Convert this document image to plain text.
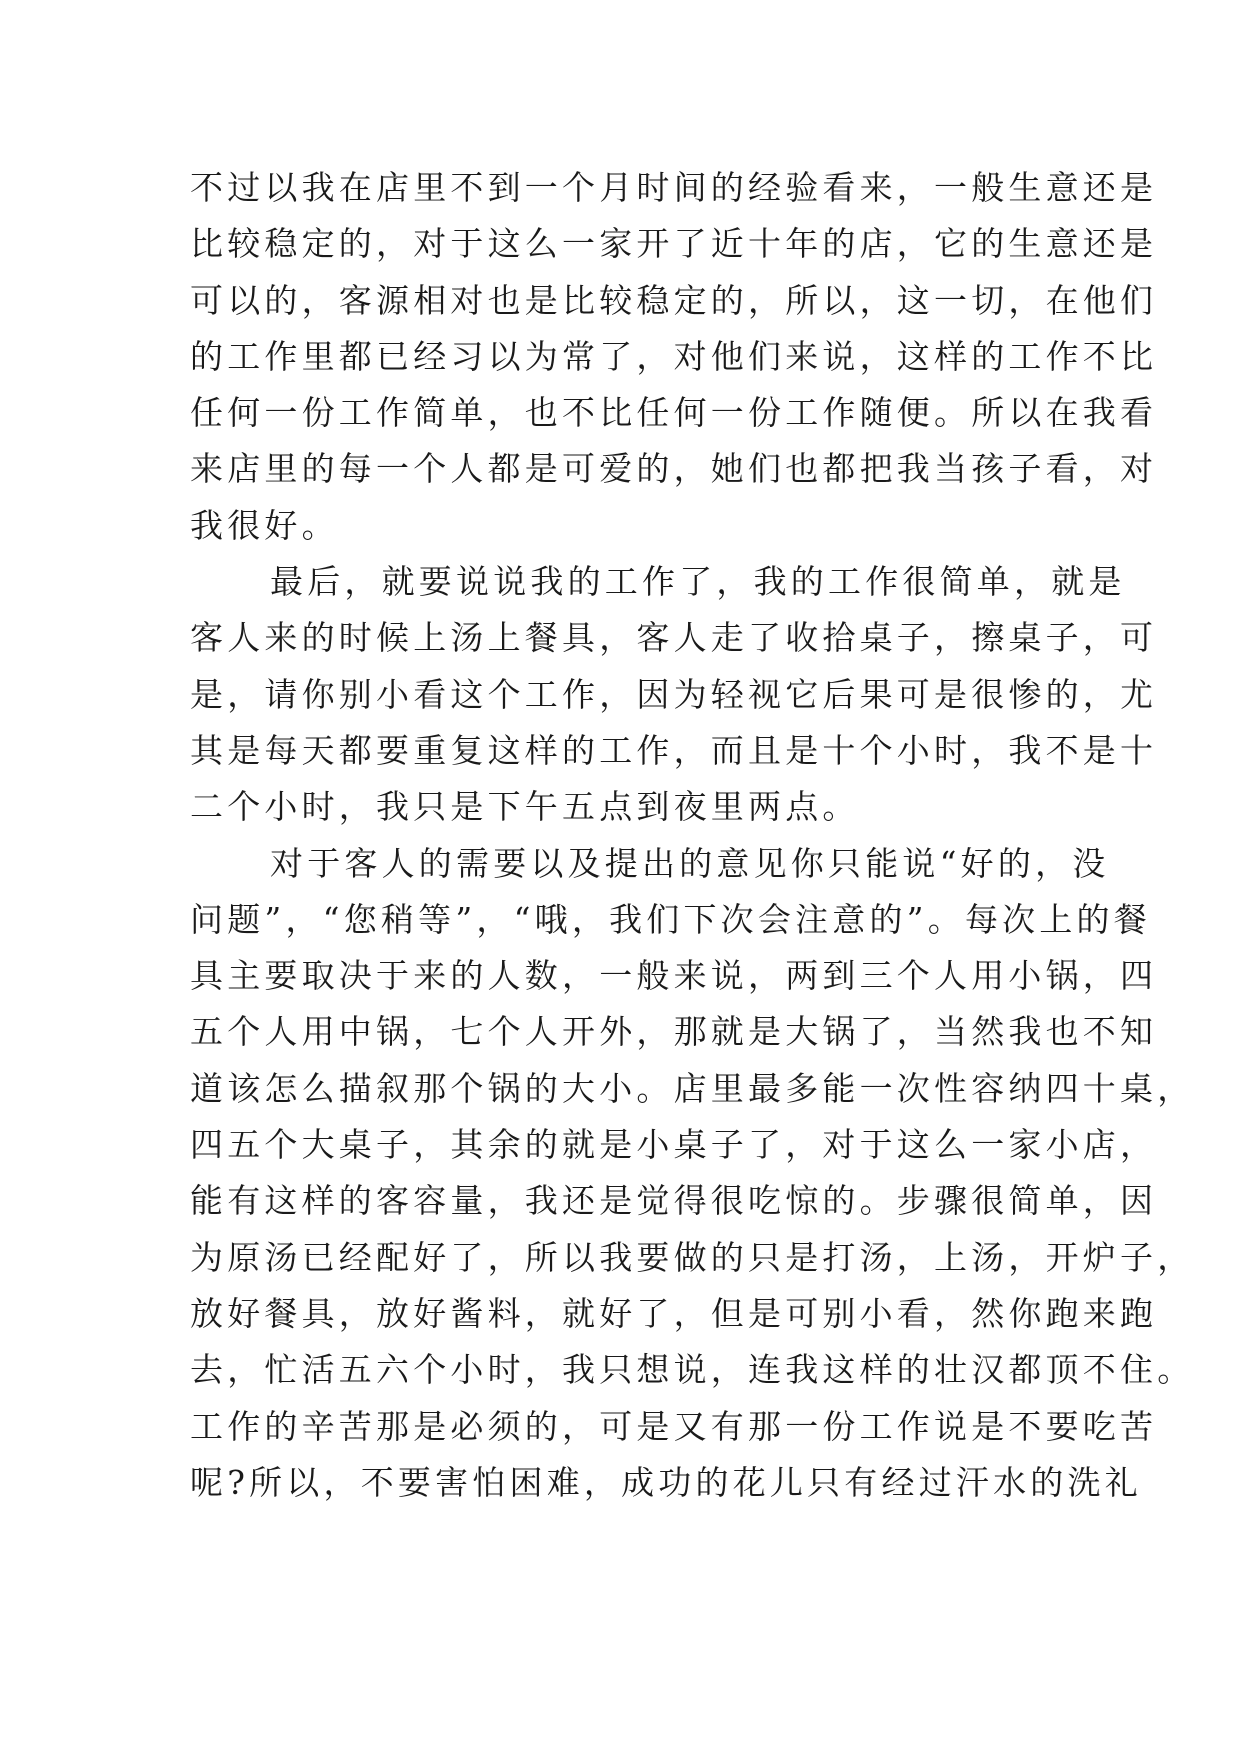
不过以我在店里不到一个月时间的经验看来，一般生意还是
比较稳定的，对于这么一家开了近十年的店，它的生意还是
可以的，客源相对也是比较稳定的，所以，这一切，在他们
的工作里都已经习以为常了，对他们来说，这样的工作不比
任何一份工作简单，也不比任何一份工作随便。所以在我看
来店里的每一个人都是可爱的，她们也都把我当孩子看，对
我很好。
最后，就要说说我的工作了，我的工作很简单，就是
客人来的时候上汤上餐具，客人走了收拾桌子，擦桌子，可
是，请你别小看这个工作，因为轻视它后果可是很惨的，尤
其是每天都要重复这样的工作，而且是十个小时，我不是十
二个小时，我只是下午五点到夜里两点。
对于客人的需要以及提出的意见你只能说“好的，没
问题”，“您稍等”，“哦，我们下次会注意的”。每次上的餐
具主要取决于来的人数，一般来说，两到三个人用小锅，四
五个人用中锅，七个人开外，那就是大锅了，当然我也不知
道该怎么描叙那个锅的大小。店里最多能一次性容纳四十桌，
四五个大桌子，其余的就是小桌子了，对于这么一家小店，
能有这样的客容量，我还是觉得很吃惊的。步骤很简单，因
为原汤已经配好了，所以我要做的只是打汤，上汤，开炉子，
放好餐具，放好酱料，就好了，但是可别小看，然你跑来跑
去，忙活五六个小时，我只想说，连我这样的壮汉都顶不住。
工作的辛苦那是必须的，可是又有那一份工作说是不要吃苦
呢?所以，不要害怕困难，成功的花儿只有经过汗水的洗礼
